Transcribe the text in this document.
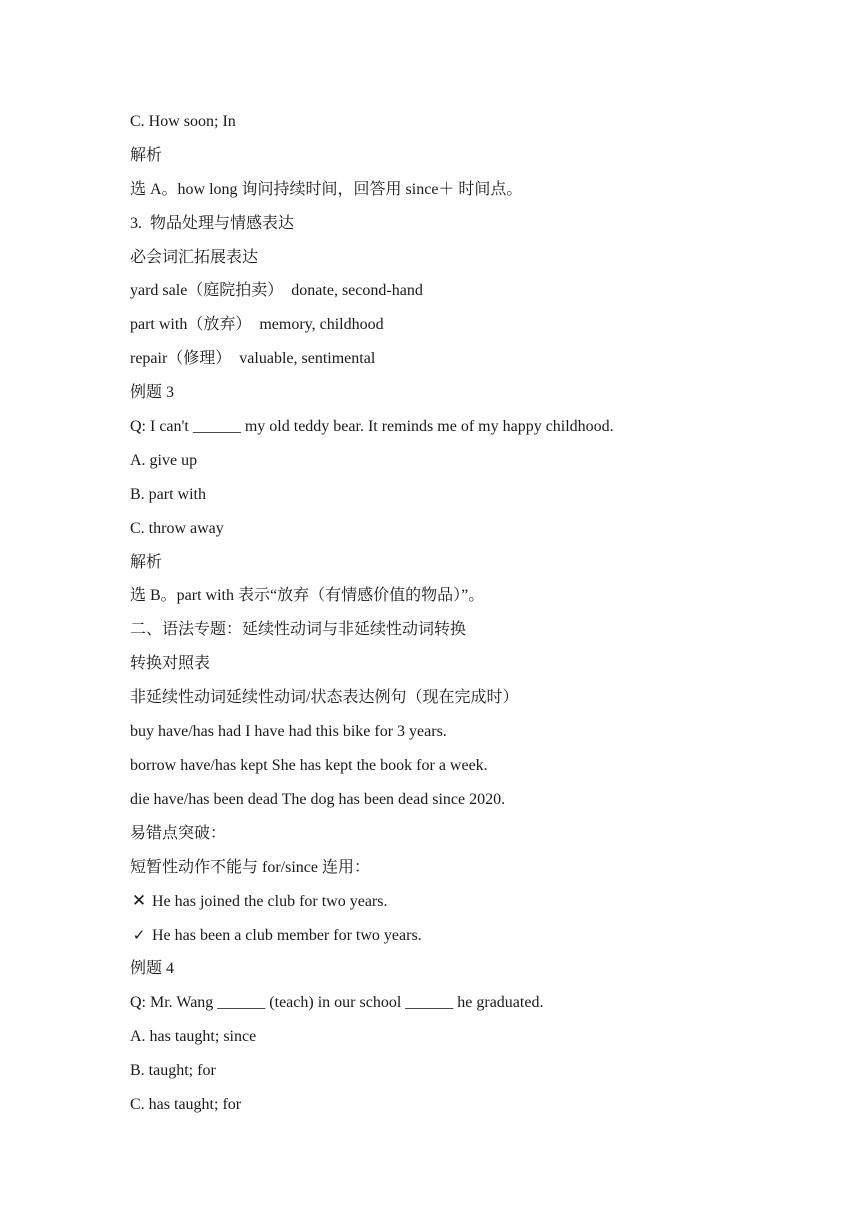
C. How soon; In
解析
选 A。how long 询问持续时间，回答用 since＋ 时间点。
3.  物品处理与情感表达
必会词汇拓展表达
yard sale（庭院拍卖）  donate, second-hand
part with（放弃）  memory, childhood
repair（修理）  valuable, sentimental
例题 3
Q: I can't ______ my old teddy bear. It reminds me of my happy childhood.
A. give up
B. part with
C. throw away
解析
选 B。part with 表示“放弃（有情感价值的物品）”。
二、语法专题：延续性动词与非延续性动词转换
转换对照表
非延续性动词延续性动词/状态表达例句（现在完成时）
buy have/has had I have had this bike for 3 years.
borrow have/has kept She has kept the book for a week.
die have/has been dead The dog has been dead since 2020.
易错点突破：
短暂性动作不能与 for/since 连用：
✕ He has joined the club for two years.
✓ He has been a club member for two years.
例题 4
Q: Mr. Wang ______ (teach) in our school ______ he graduated.
A. has taught; since
B. taught; for
C. has taught; for
